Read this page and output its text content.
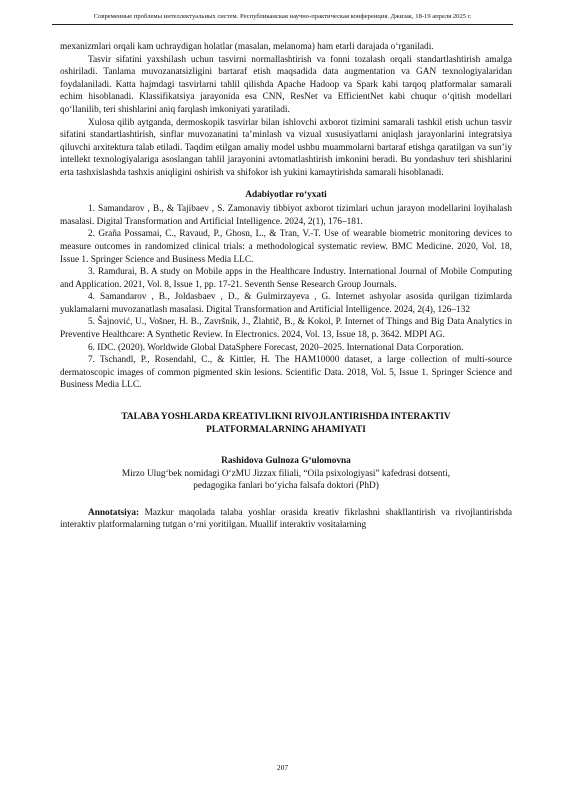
Современные проблемы интеллектуальных систем. Республиканская научно-практическая конференция. Джизак, 18-19 апреля 2025 г.

mexanizmlari orqali kam uchraydigan holatlar (masalan, melanoma) ham etarli darajada o‘rganiladi.

Tasvir sifatini yaxshilash uchun tasvirni normallashtirish va fonni tozalash orqali standartlashtirish amalga oshiriladi. Tanlama muvozanatsizligini bartaraf etish maqsadida data augmentation va GAN texnologiyalaridan foydalaniladi. Katta hajmdagi tasvirlarni tahlil qilishda Apache Hadoop va Spark kabi tarqoq platformalar samarali echim hisoblanadi. Klassifikatsiya jarayonida esa CNN, ResNet va EfficientNet kabi chuqur o‘qitish modellari qo‘llanilib, teri shishlarini aniq farqlash imkoniyati yaratiladi.

Xulosa qilib aytganda, dermoskopik tasvirlar bilan ishlovchi axborot tizimini samarali tashkil etish uchun tasvir sifatini standartlashtirish, sinflar muvozanatini ta’minlash va vizual xususiyatlarni aniqlash jarayonlarini integratsiya qiluvchi arxitektura talab etiladi. Taqdim etilgan amaliy model ushbu muammolarni bartaraf etishga qaratilgan va sun’iy intellekt texnologiyalariga asoslangan tahlil jarayonini avtomatlashtirish imkonini beradi. Bu yondashuv teri shishlarini erta tashxislashda tashxis aniqligini oshirish va shifokor ish yukini kamaytirishda samarali hisoblanadi.

Adabiyotlar ro‘yxati

1. Samandarov , B., & Tajibaev , S. Zamonaviy tibbiyot axborot tizimlari uchun jarayon modellarini loyihalash masalasi. Digital Transformation and Artificial Intelligence. 2024, 2(1), 176–181.

2. Graña Possamai, C., Ravaud, P., Ghosn, L., & Tran, V.-T. Use of wearable biometric monitoring devices to measure outcomes in randomized clinical trials: a methodological systematic review. BMC Medicine. 2020, Vol. 18, Issue 1. Springer Science and Business Media LLC.

3. Ramdurai, B. A study on Mobile apps in the Healthcare Industry. International Journal of Mobile Computing and Application. 2021, Vol. 8, Issue 1, pp. 17-21. Seventh Sense Research Group Journals.

4. Samandarov , B., Joldasbaev , D., & Gulmirzayeva , G. Internet ashyolar asosida qurilgan tizimlarda yuklamalarni muvozanatlash masalasi. Digital Transformation and Artificial Intelligence. 2024, 2(4), 126–132

5. Šajnović, U., Vošner, H. B., Završnik, J., Žlahtič, B., & Kokol, P. Internet of Things and Big Data Analytics in Preventive Healthcare: A Synthetic Review. In Electronics. 2024, Vol. 13, Issue 18, p. 3642. MDPI AG.

6. IDC. (2020). Worldwide Global DataSphere Forecast, 2020–2025. International Data Corporation.

7. Tschandl, P., Rosendahl, C., & Kittler, H. The HAM10000 dataset, a large collection of multi-source dermatoscopic images of common pigmented skin lesions. Scientific Data. 2018, Vol. 5, Issue 1. Springer Science and Business Media LLC.

TALABA YOSHLARDA KREATIVLIKNI RIVOJLANTIRISHDA INTERAKTIV
PLATFORMALARNING AHAMIYATI

Rashidova Gulnoza G‘ulomovna

Mirzo Ulug‘bek nomidagi O‘zMU Jizzax filiali, “Oila psixologiyasi” kafedrasi dotsenti,
pedagogika fanlari bo‘yicha falsafa doktori (PhD)

Annotatsiya: Mazkur maqolada talaba yoshlar orasida kreativ fikrlashni shakllantirish va rivojlantirishda interaktiv platformalarning tutgan o‘rni yoritilgan. Muallif interaktiv vositalarning

207
